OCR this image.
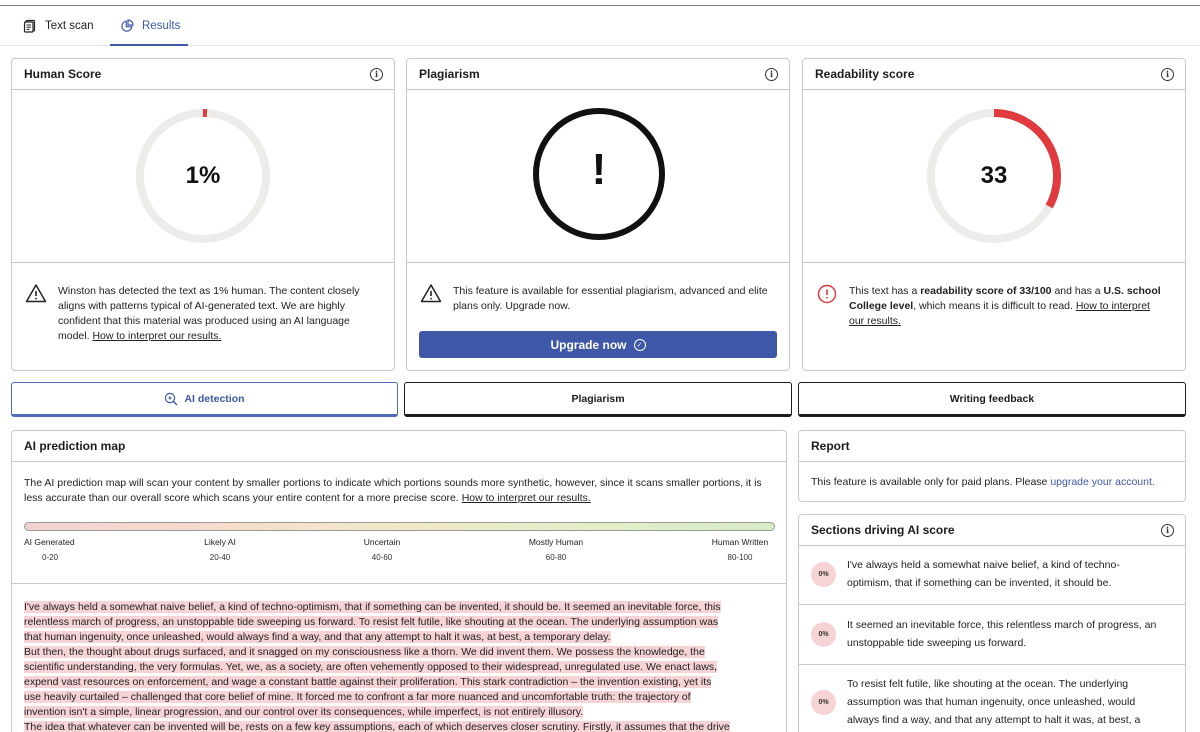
Text scan	Results
Human Score	i
1%
Winston has detected the text as 1% human. The content closely aligns with patterns typical of AI-generated text. We are highly confident that this material was produced using an AI language model. How to interpret our results.
Plagiarism	i
!
This feature is available for essential plagiarism, advanced and elite plans only. Upgrade now.
Upgrade now	✓
Readability score	i
33
This text has a readability score of 33/100 and has a U.S. school College level, which means it is difficult to read. How to interpret our results.
AI detection	Plagiarism	Writing feedback
AI prediction map
The AI prediction map will scan your content by smaller portions to indicate which portions sounds more synthetic, however, since it scans smaller portions, it is less accurate than our overall score which scans your entire content for a more precise score. How to interpret our results.
AI Generated
0-20
Likely AI
20-40
Uncertain
40-60
Mostly Human
60-80
Human Written
80-100
I've always held a somewhat naive belief, a kind of techno-optimism, that if something can be invented, it should be. It seemed an inevitable force, this
relentless march of progress, an unstoppable tide sweeping us forward. To resist felt futile, like shouting at the ocean. The underlying assumption was
that human ingenuity, once unleashed, would always find a way, and that any attempt to halt it was, at best, a temporary delay.
But then, the thought about drugs surfaced, and it snagged on my consciousness like a thorn. We did invent them. We possess the knowledge, the
scientific understanding, the very formulas. Yet, we, as a society, are often vehemently opposed to their widespread, unregulated use. We enact laws,
expend vast resources on enforcement, and wage a constant battle against their proliferation. This stark contradiction – the invention existing, yet its
use heavily curtailed – challenged that core belief of mine. It forced me to confront a far more nuanced and uncomfortable truth: the trajectory of
invention isn't a simple, linear progression, and our control over its consequences, while imperfect, is not entirely illusory.
The idea that whatever can be invented will be, rests on a few key assumptions, each of which deserves closer scrutiny. Firstly, it assumes that the drive
Report
This feature is available only for paid plans. Please upgrade your account.
Sections driving AI score	i
0%
I've always held a somewhat naive belief, a kind of techno-
optimism, that if something can be invented, it should be.
0%
It seemed an inevitable force, this relentless march of progress, an
unstoppable tide sweeping us forward.
0%
To resist felt futile, like shouting at the ocean. The underlying
assumption was that human ingenuity, once unleashed, would
always find a way, and that any attempt to halt it was, at best, a
